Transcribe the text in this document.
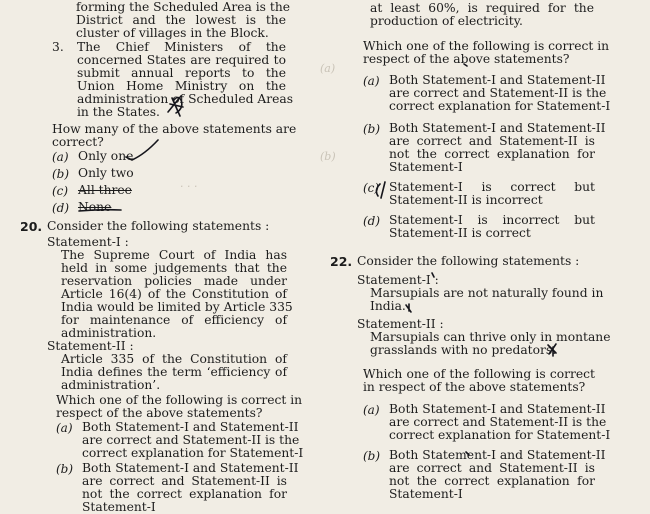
(a)
(b)
· · ·
forming the Scheduled Area is the
District and the lowest is the
cluster of villages in the Block.
3. The Chief Ministers of the
concerned States are required to
submit annual reports to the
Union Home Ministry on the
administration of Scheduled Areas
in the States.
How many of the above statements are
correct?
(a) Only one
(b) Only two
(c) All three
(d) None
20. Consider the following statements :
Statement-I :
The Supreme Court of India has
held in some judgements that the
reservation policies made under
Article 16(4) of the Constitution of
India would be limited by Article 335
for maintenance of efficiency of
administration.
Statement-II :
Article 335 of the Constitution of
India defines the term ‘efficiency of
administration’.
Which one of the following is correct in
respect of the above statements?
(a) Both Statement-I and Statement-II
are correct and Statement-II is the
correct explanation for Statement-I
(b) Both Statement-I and Statement-II
are correct and Statement-II is
not the correct explanation for
Statement-I
at least 60%, is required for the
production of electricity.
Which one of the following is correct in
respect of the above statements?
(a) Both Statement-I and Statement-II
are correct and Statement-II is the
correct explanation for Statement-I
(b) Both Statement-I and Statement-II
are correct and Statement-II is
not the correct explanation for
Statement-I
(c) Statement-I is correct but
Statement-II is incorrect
(d) Statement-I is incorrect but
Statement-II is correct
22. Consider the following statements :
Statement-I :
Marsupials are not naturally found in
India.
Statement-II :
Marsupials can thrive only in montane
grasslands with no predators.
Which one of the following is correct
in respect of the above statements?
(a) Both Statement-I and Statement-II
are correct and Statement-II is the
correct explanation for Statement-I
(b) Both Statement-I and Statement-II
are correct and Statement-II is
not the correct explanation for
Statement-I
